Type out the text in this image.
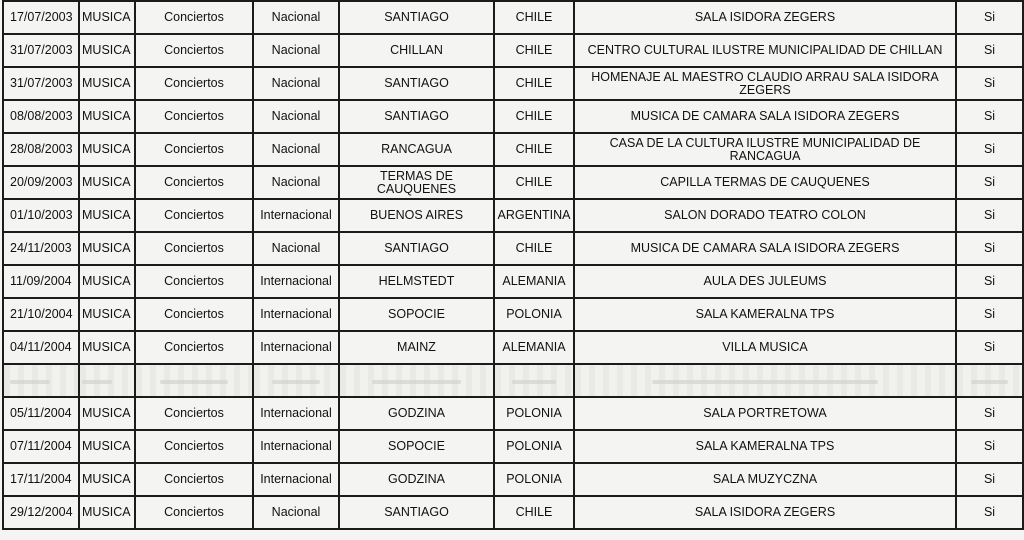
17/07/2003	MUSICA	Conciertos	Nacional	SANTIAGO	CHILE	SALA ISIDORA ZEGERS	Si
31/07/2003	MUSICA	Conciertos	Nacional	CHILLAN	CHILE	CENTRO CULTURAL ILUSTRE MUNICIPALIDAD DE CHILLAN	Si
31/07/2003	MUSICA	Conciertos	Nacional	SANTIAGO	CHILE	HOMENAJE AL MAESTRO CLAUDIO ARRAU SALA ISIDORA ZEGERS	Si
08/08/2003	MUSICA	Conciertos	Nacional	SANTIAGO	CHILE	MUSICA DE CAMARA SALA ISIDORA ZEGERS	Si
28/08/2003	MUSICA	Conciertos	Nacional	RANCAGUA	CHILE	CASA DE LA CULTURA ILUSTRE MUNICIPALIDAD DE RANCAGUA	Si
20/09/2003	MUSICA	Conciertos	Nacional	TERMAS DE CAUQUENES	CHILE	CAPILLA TERMAS DE CAUQUENES	Si
01/10/2003	MUSICA	Conciertos	Internacional	BUENOS AIRES	ARGENTINA	SALON DORADO TEATRO COLON	Si
24/11/2003	MUSICA	Conciertos	Nacional	SANTIAGO	CHILE	MUSICA DE CAMARA SALA ISIDORA ZEGERS	Si
11/09/2004	MUSICA	Conciertos	Internacional	HELMSTEDT	ALEMANIA	AULA DES JULEUMS	Si
21/10/2004	MUSICA	Conciertos	Internacional	SOPOCIE	POLONIA	SALA KAMERALNA TPS	Si
04/11/2004	MUSICA	Conciertos	Internacional	MAINZ	ALEMANIA	VILLA MUSICA	Si

05/11/2004	MUSICA	Conciertos	Internacional	GODZINA	POLONIA	SALA PORTRETOWA	Si
07/11/2004	MUSICA	Conciertos	Internacional	SOPOCIE	POLONIA	SALA KAMERALNA TPS	Si
17/11/2004	MUSICA	Conciertos	Internacional	GODZINA	POLONIA	SALA MUZYCZNA	Si
29/12/2004	MUSICA	Conciertos	Nacional	SANTIAGO	CHILE	SALA ISIDORA ZEGERS	Si
